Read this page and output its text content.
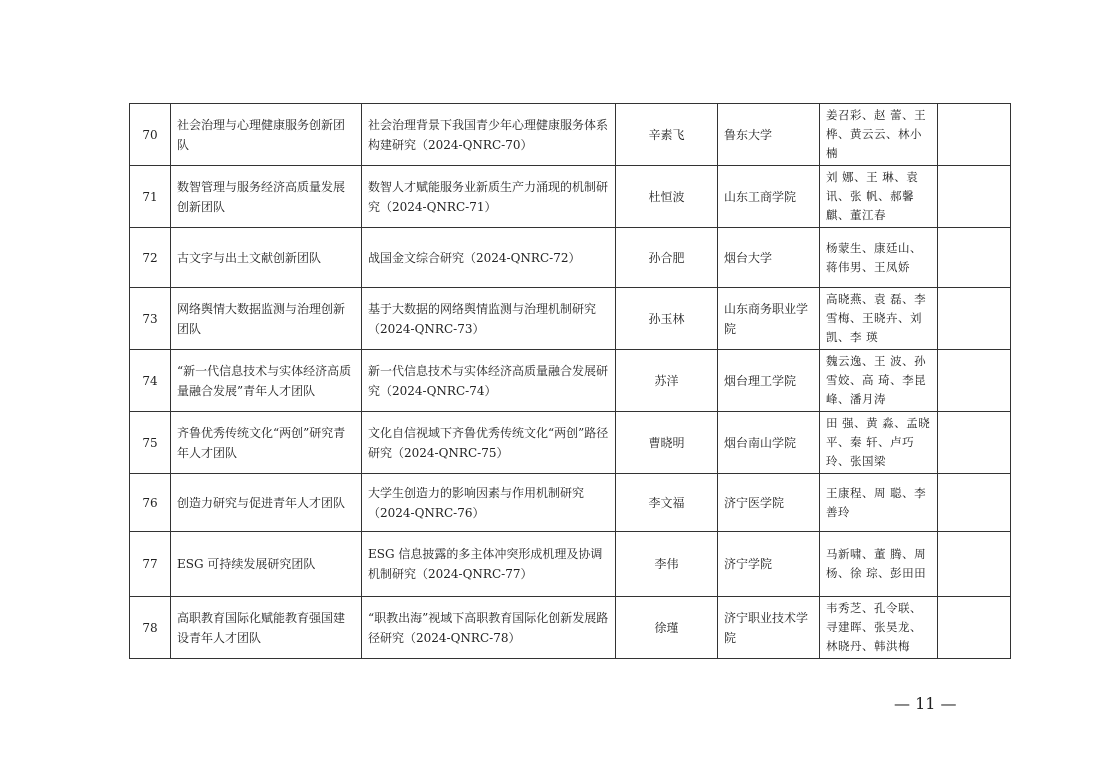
70	社会治理与心理健康服务创新团队	社会治理背景下我国青少年心理健康服务体系构建研究（2024-QNRC-70）	辛素飞	鲁东大学	姜召彩、赵 蕾、王 桦、黄云云、林小楠	
71	数智管理与服务经济高质量发展创新团队	数智人才赋能服务业新质生产力涌现的机制研究（2024-QNRC-71）	杜恒波	山东工商学院	刘 娜、王 琳、袁 讯、张 帆、郝馨麒、董江春	
72	古文字与出土文献创新团队	战国金文综合研究（2024-QNRC-72）	孙合肥	烟台大学	杨蒙生、康廷山、蒋伟男、王凤娇	
73	网络舆情大数据监测与治理创新团队	基于大数据的网络舆情监测与治理机制研究（2024-QNRC-73）	孙玉林	山东商务职业学院	高晓燕、袁 磊、李雪梅、王晓卉、刘 凯、李 瑛	
74	“新一代信息技术与实体经济高质量融合发展”青年人才团队	新一代信息技术与实体经济高质量融合发展研究（2024-QNRC-74）	苏洋	烟台理工学院	魏云逸、王 波、孙雪姣、高 琦、李昆峰、潘月涛	
75	齐鲁优秀传统文化“两创”研究青年人才团队	文化自信视域下齐鲁优秀传统文化“两创”路径研究（2024-QNRC-75）	曹晓明	烟台南山学院	田 强、黄 淼、孟晓平、秦 轩、卢巧玲、张国梁	
76	创造力研究与促进青年人才团队	大学生创造力的影响因素与作用机制研究（2024-QNRC-76）	李文福	济宁医学院	王康程、周 聪、李善玲	
77	ESG 可持续发展研究团队	ESG 信息披露的多主体冲突形成机理及协调机制研究（2024-QNRC-77）	李伟	济宁学院	马新啸、董 腾、周 杨、徐 琮、彭田田	
78	高职教育国际化赋能教育强国建设青年人才团队	“职教出海”视域下高职教育国际化创新发展路径研究（2024-QNRC-78）	徐瑾	济宁职业技术学院	韦秀芝、孔令联、寻建晖、张昊龙、林晓丹、韩洪梅	
— 11 —
